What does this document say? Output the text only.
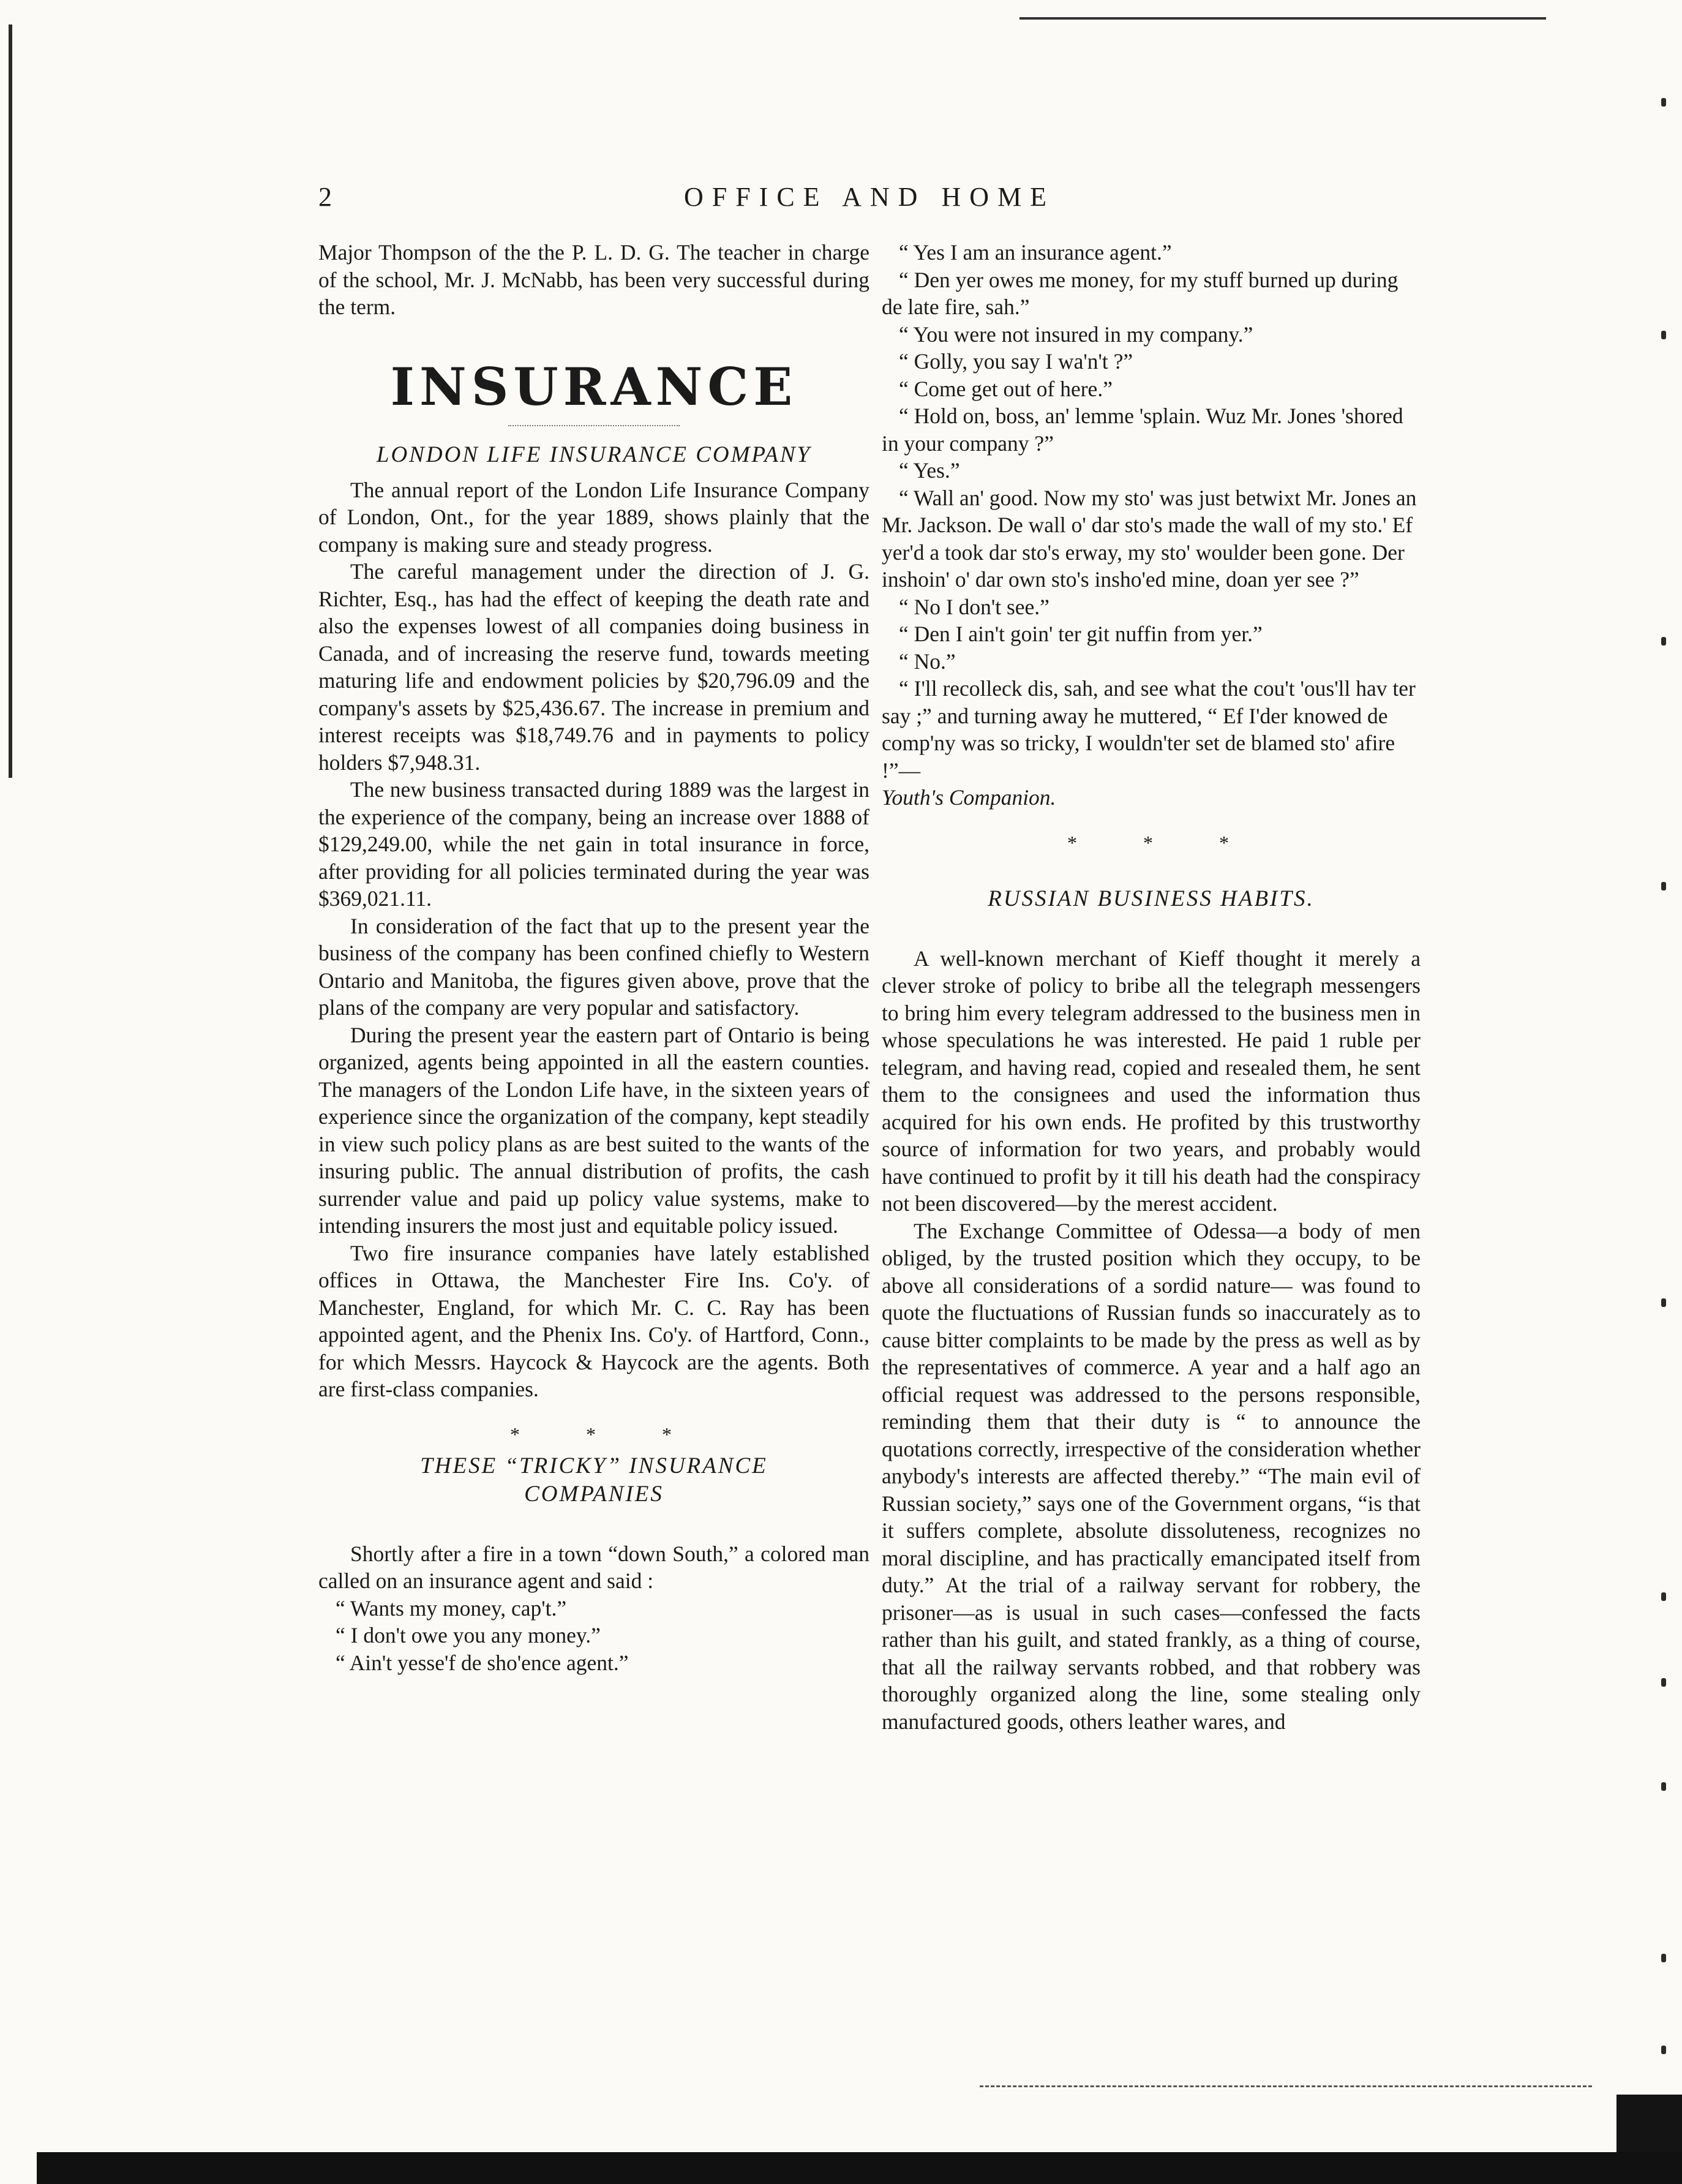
2	OFFICE AND HOME

Major Thompson of the the P. L. D. G. The teacher in charge of the school, Mr. J. McNabb, has been very successful during the term.

INSURANCE
LONDON LIFE INSURANCE COMPANY

The annual report of the London Life Insurance Company of London, Ont., for the year 1889, shows plainly that the company is making sure and steady progress.

The careful management under the direction of J. G. Richter, Esq., has had the effect of keeping the death rate and also the expenses lowest of all companies doing business in Canada, and of increasing the reserve fund, towards meeting maturing life and endowment policies by $20,796.09 and the company's assets by $25,436.67. The increase in premium and interest receipts was $18,749.76 and in payments to policy holders $7,948.31.

The new business transacted during 1889 was the largest in the experience of the company, being an increase over 1888 of $129,249.00, while the net gain in total insurance in force, after providing for all policies terminated during the year was $369,021.11.

In consideration of the fact that up to the present year the business of the company has been confined chiefly to Western Ontario and Manitoba, the figures given above, prove that the plans of the company are very popular and satisfactory.

During the present year the eastern part of Ontario is being organized, agents being appointed in all the eastern counties. The managers of the London Life have, in the sixteen years of experience since the organization of the company, kept steadily in view such policy plans as are best suited to the wants of the insuring public. The annual distribution of profits, the cash surrender value and paid up policy value systems, make to intending insurers the most just and equitable policy issued.

Two fire insurance companies have lately established offices in Ottawa, the Manchester Fire Ins. Co'y. of Manchester, England, for which Mr. C. C. Ray has been appointed agent, and the Phenix Ins. Co'y. of Hartford, Conn., for which Messrs. Haycock & Haycock are the agents. Both are first-class companies.

* * *
THESE “TRICKY” INSURANCE
COMPANIES

Shortly after a fire in a town “down South,” a colored man called on an insurance agent and said :

“ Wants my money, cap't.”

“ I don't owe you any money.”

“ Ain't yesse'f de sho'ence agent.”

“ Yes I am an insurance agent.”

“ Den yer owes me money, for my stuff burned up during de late fire, sah.”

“ You were not insured in my company.”

“ Golly, you say I wa'n't ?”

“ Come get out of here.”

“ Hold on, boss, an' lemme 'splain. Wuz Mr. Jones 'shored in your company ?”

“ Yes.”

“ Wall an' good. Now my sto' was just betwixt Mr. Jones an Mr. Jackson. De wall o' dar sto's made the wall of my sto.' Ef yer'd a took dar sto's erway, my sto' woulder been gone. Der inshoin' o' dar own sto's insho'ed mine, doan yer see ?”

“ No I don't see.”

“ Den I ain't goin' ter git nuffin from yer.”

“ No.”

“ I'll recolleck dis, sah, and see what the cou't 'ous'll hav ter say ;” and turning away he muttered, “ Ef I'der knowed de comp'ny was so tricky, I wouldn'ter set de blamed sto' afire !”—

Youth's Companion.

* * *
RUSSIAN BUSINESS HABITS.

A well-known merchant of Kieff thought it merely a clever stroke of policy to bribe all the telegraph messengers to bring him every telegram addressed to the business men in whose speculations he was interested. He paid 1 ruble per telegram, and having read, copied and resealed them, he sent them to the consignees and used the information thus acquired for his own ends. He profited by this trustworthy source of information for two years, and probably would have continued to profit by it till his death had the conspiracy not been discovered—by the merest accident.

The Exchange Committee of Odessa—a body of men obliged, by the trusted position which they occupy, to be above all considerations of a sordid nature— was found to quote the fluctuations of Russian funds so inaccurately as to cause bitter complaints to be made by the press as well as by the representatives of commerce. A year and a half ago an official request was addressed to the persons responsible, reminding them that their duty is “ to announce the quotations correctly, irrespective of the consideration whether anybody's interests are affected thereby.” “The main evil of Russian society,” says one of the Government organs, “is that it suffers complete, absolute dissoluteness, recognizes no moral discipline, and has practically emancipated itself from duty.” At the trial of a railway servant for robbery, the prisoner—as is usual in such cases—confessed the facts rather than his guilt, and stated frankly, as a thing of course, that all the railway servants robbed, and that robbery was thoroughly organized along the line, some stealing only manufactured goods, others leather wares, and
